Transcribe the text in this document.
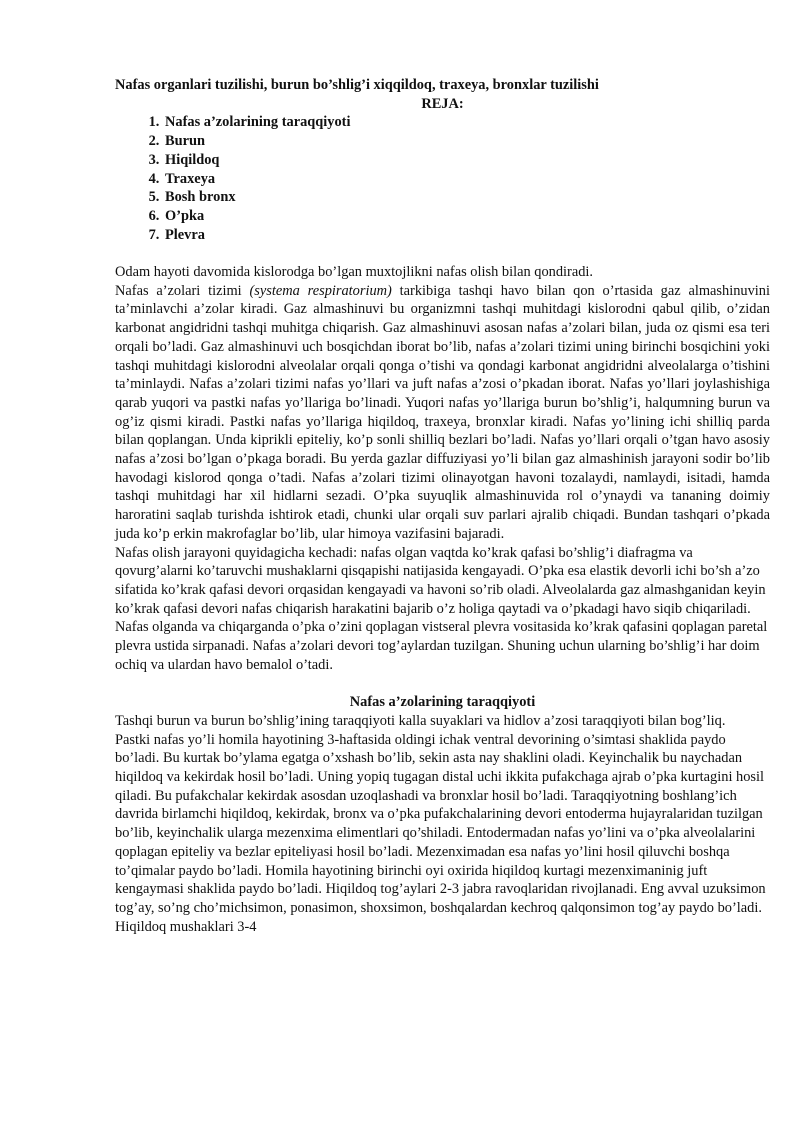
Nafas organlari tuzilishi, burun bo’shlig’i xiqqildoq, traxeya, bronxlar tuzilishi

REJA:

1. Nafas a’zolarining taraqqiyoti
2. Burun
3. Hiqildoq
4. Traxeya
5. Bosh bronx
6. O’pka
7. Plevra

Odam hayoti davomida kislorodga bo’lgan muxtojlikni nafas olish bilan qondiradi.

Nafas a’zolari tizimi (systema respiratorium) tarkibiga tashqi havo bilan qon o’rtasida gaz almashinuvini ta’minlavchi a’zolar kiradi. Gaz almashinuvi bu organizmni tashqi muhitdagi kislorodni qabul qilib, o’zidan karbonat angidridni tashqi muhitga chiqarish. Gaz almashinuvi asosan nafas a’zolari bilan, juda oz qismi esa teri orqali bo’ladi. Gaz almashinuvi uch bosqichdan iborat bo’lib, nafas a’zolari tizimi uning birinchi bosqichini yoki tashqi muhitdagi kislorodni alveolalar orqali qonga o’tishi va qondagi karbonat angidridni alveolalarga o’tishini ta’minlaydi. Nafas a’zolari tizimi nafas yo’llari va juft nafas a’zosi o’pkadan iborat. Nafas yo’llari joylashishiga qarab yuqori va pastki nafas yo’llariga bo’linadi. Yuqori nafas yo’llariga burun bo’shlig’i, halqumning burun va og’iz qismi kiradi. Pastki nafas yo’llariga hiqildoq, traxeya, bronxlar kiradi. Nafas yo’lining ichi shilliq parda bilan qoplangan. Unda kiprikli epiteliy, ko’p sonli shilliq bezlari bo’ladi. Nafas yo’llari orqali o’tgan havo asosiy nafas a’zosi bo’lgan o’pkaga boradi. Bu yerda gazlar diffuziyasi yo’li bilan gaz almashinish jarayoni sodir bo’lib havodagi kislorod qonga o’tadi. Nafas a’zolari tizimi olinayotgan havoni tozalaydi, namlaydi, isitadi, hamda tashqi muhitdagi har xil hidlarni sezadi. O’pka suyuqlik almashinuvida rol o’ynaydi va tananing doimiy haroratini saqlab turishda ishtirok etadi, chunki ular orqali suv parlari ajralib chiqadi. Bundan tashqari o’pkada juda ko’p erkin makrofaglar bo’lib, ular himoya vazifasini bajaradi.

Nafas olish jarayoni quyidagicha kechadi: nafas olgan vaqtda ko’krak qafasi bo’shlig’i diafragma va qovurg’alarni ko’taruvchi mushaklarni qisqapishi natijasida kengayadi. O’pka esa elastik devorli ichi bo’sh a’zo sifatida ko’krak qafasi devori orqasidan kengayadi va havoni so’rib oladi. Alveolalarda gaz almashganidan keyin ko’krak qafasi devori nafas chiqarish harakatini bajarib o’z holiga qaytadi va o’pkadagi havo siqib chiqariladi. Nafas olganda va chiqarganda o’pka o’zini qoplagan vistseral plevra vositasida ko’krak qafasini qoplagan paretal plevra ustida sirpanadi. Nafas a’zolari devori tog’aylardan tuzilgan. Shuning uchun ularning bo’shlig’i har doim ochiq va ulardan havo bemalol o’tadi.

Nafas a’zolarining taraqqiyoti

Tashqi burun va burun bo’shlig’ining taraqqiyoti kalla suyaklari va hidlov a’zosi taraqqiyoti bilan bog’liq.

Pastki nafas yo’li homila hayotining 3-haftasida oldingi ichak ventral devorining o’simtasi shaklida paydo bo’ladi. Bu kurtak bo’ylama egatga o’xshash bo’lib, sekin asta nay shaklini oladi. Keyinchalik bu naychadan hiqildoq va kekirdak hosil bo’ladi. Uning yopiq tugagan distal uchi ikkita pufakchaga ajrab o’pka kurtagini hosil qiladi. Bu pufakchalar kekirdak asosdan uzoqlashadi va bronxlar hosil bo’ladi. Taraqqiyotning boshlang’ich davrida birlamchi hiqildoq, kekirdak, bronx va o’pka pufakchalarining devori entoderma hujayralaridan tuzilgan bo’lib, keyinchalik ularga mezenxima elimentlari qo’shiladi. Entodermadan nafas yo’lini va o’pka alveolalarini qoplagan epiteliy va bezlar epiteliyasi hosil bo’ladi. Mezenximadan esa nafas yo’lini hosil qiluvchi boshqa to’qimalar paydo bo’ladi. Homila hayotining birinchi oyi oxirida hiqildoq kurtagi mezenximaninig juft kengaymasi shaklida paydo bo’ladi. Hiqildoq tog’aylari 2-3 jabra ravoqlaridan rivojlanadi. Eng avval uzuksimon tog’ay, so’ng cho’michsimon, ponasimon, shoxsimon, boshqalardan kechroq qalqonsimon tog’ay paydo bo’ladi. Hiqildoq mushaklari 3-4
